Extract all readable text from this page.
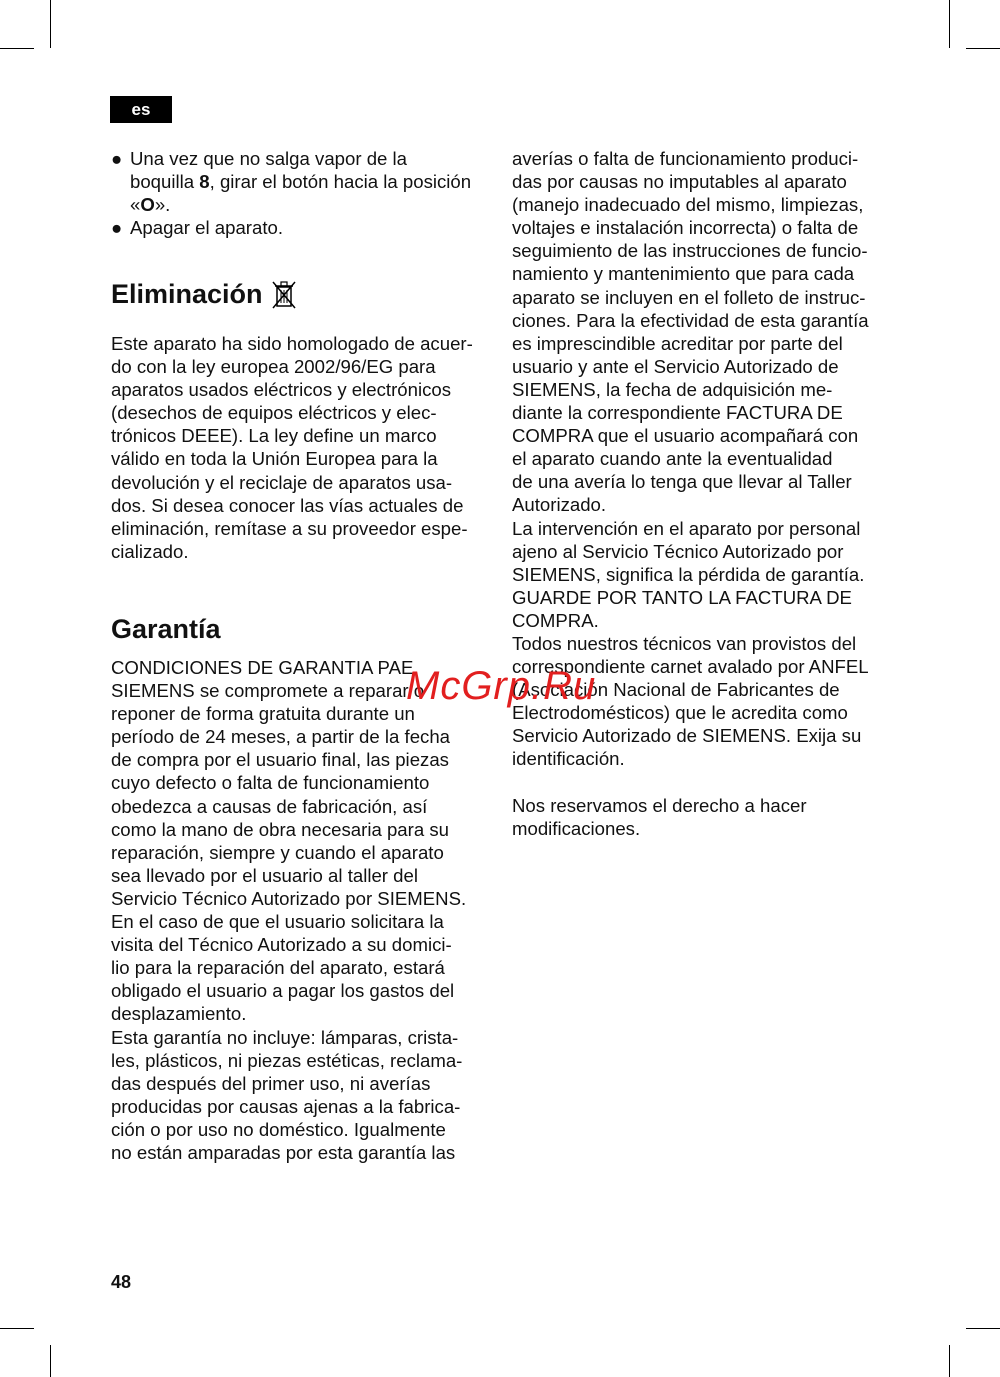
es
● Una vez que no salga vapor de la
boquilla 8, girar el botón hacia la posición
«O».
● Apagar el aparato.
Eliminación
Este aparato ha sido homologado de acuer-
do con la ley europea 2002/96/EG para
aparatos usados eléctricos y electrónicos
(desechos de equipos eléctricos y elec-
trónicos DEEE). La ley define un marco
válido en toda la Unión Europea para la
devolución y el reciclaje de aparatos usa-
dos. Si desea conocer las vías actuales de
eliminación, remítase a su proveedor espe-
cializado.
Garantía
CONDICIONES DE GARANTIA PAE
SIEMENS se compromete a reparar o
reponer de forma gratuita durante un
período de 24 meses, a partir de la fecha
de compra por el usuario final, las piezas
cuyo defecto o falta de funcionamiento
obedezca a causas de fabricación, así
como la mano de obra necesaria para su
reparación, siempre y cuando el aparato
sea llevado por el usuario al taller del
Servicio Técnico Autorizado por SIEMENS.
En el caso de que el usuario solicitara la
visita del Técnico Autorizado a su domici-
lio para la reparación del aparato, estará
obligado el usuario a pagar los gastos del
desplazamiento.
Esta garantía no incluye: lámparas, crista-
les, plásticos, ni piezas estéticas, reclama-
das después del primer uso, ni averías
producidas por causas ajenas a la fabrica-
ción o por uso no doméstico. Igualmente
no están amparadas por esta garantía las
averías o falta de funcionamiento produci-
das por causas no imputables al aparato
(manejo inadecuado del mismo, limpiezas,
voltajes e instalación incorrecta) o falta de
seguimiento de las instrucciones de funcio-
namiento y mantenimiento que para cada
aparato se incluyen en el folleto de instruc-
ciones. Para la efectividad de esta garantía
es imprescindible acreditar por parte del
usuario y ante el Servicio Autorizado de
SIEMENS, la fecha de adquisición me-
diante la correspondiente FACTURA DE
COMPRA que el usuario acompañará con
el aparato cuando ante la eventualidad
de una avería lo tenga que llevar al Taller
Autorizado.
La intervención en el aparato por personal
ajeno al Servicio Técnico Autorizado por
SIEMENS, significa la pérdida de garantía.
GUARDE POR TANTO LA FACTURA DE
COMPRA.
Todos nuestros técnicos van provistos del
correspondiente carnet avalado por ANFEL
(Asociación Nacional de Fabricantes de
Electrodomésticos) que le acredita como
Servicio Autorizado de SIEMENS. Exija su
identificación.

Nos reservamos el derecho a hacer
modificaciones.
McGrp.Ru
48
